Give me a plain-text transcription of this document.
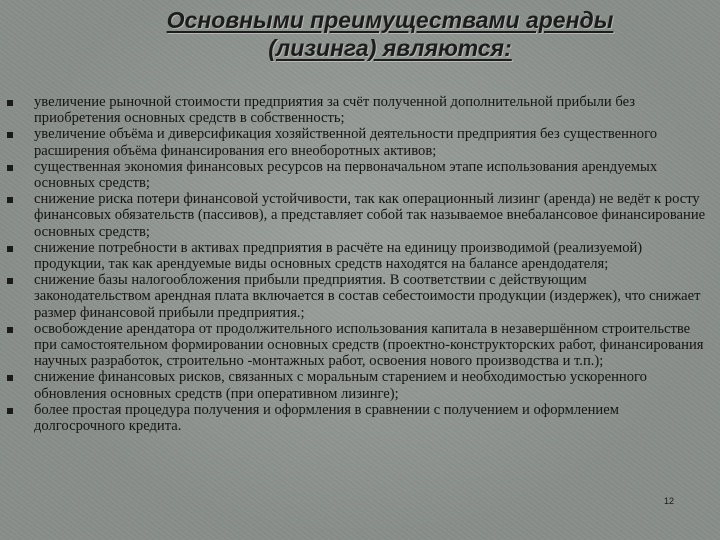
Основными преимуществами аренды
(лизинга) являются:
увеличение рыночной стоимости предприятия за счёт полученной дополнительной прибыли без приобретения основных средств в собственность;
увеличение объёма и диверсификация хозяйственной деятельности предприятия без существенного расширения объёма финансирования его внеоборотных активов;
существенная экономия финансовых ресурсов на первоначальном этапе использования арендуемых основных средств;
снижение риска потери финансовой устойчивости, так как операционный лизинг (аренда) не ведёт к росту финансовых обязательств (пассивов), а представляет собой так называемое внебалансовое финансирование основных средств;
снижение потребности в активах предприятия в расчёте на единицу производимой (реализуемой) продукции, так как арендуемые виды основных средств находятся на балансе арендодателя;
снижение базы налогообложения прибыли предприятия. В соответствии с действующим законодательством арендная плата включается в состав себестоимости продукции (издержек), что снижает размер финансовой прибыли предприятия.;
освобождение арендатора от продолжительного использования капитала в незавершённом строительстве при самостоятельном формировании основных средств (проектно-конструкторских работ, финансирования научных разработок, строительно -монтажных работ, освоения нового производства и т.п.);
снижение финансовых рисков, связанных с моральным старением и необходимостью ускоренного обновления основных средств (при оперативном лизинге);
более простая процедура получения и оформления в сравнении с получением и оформлением долгосрочного кредита.
12
